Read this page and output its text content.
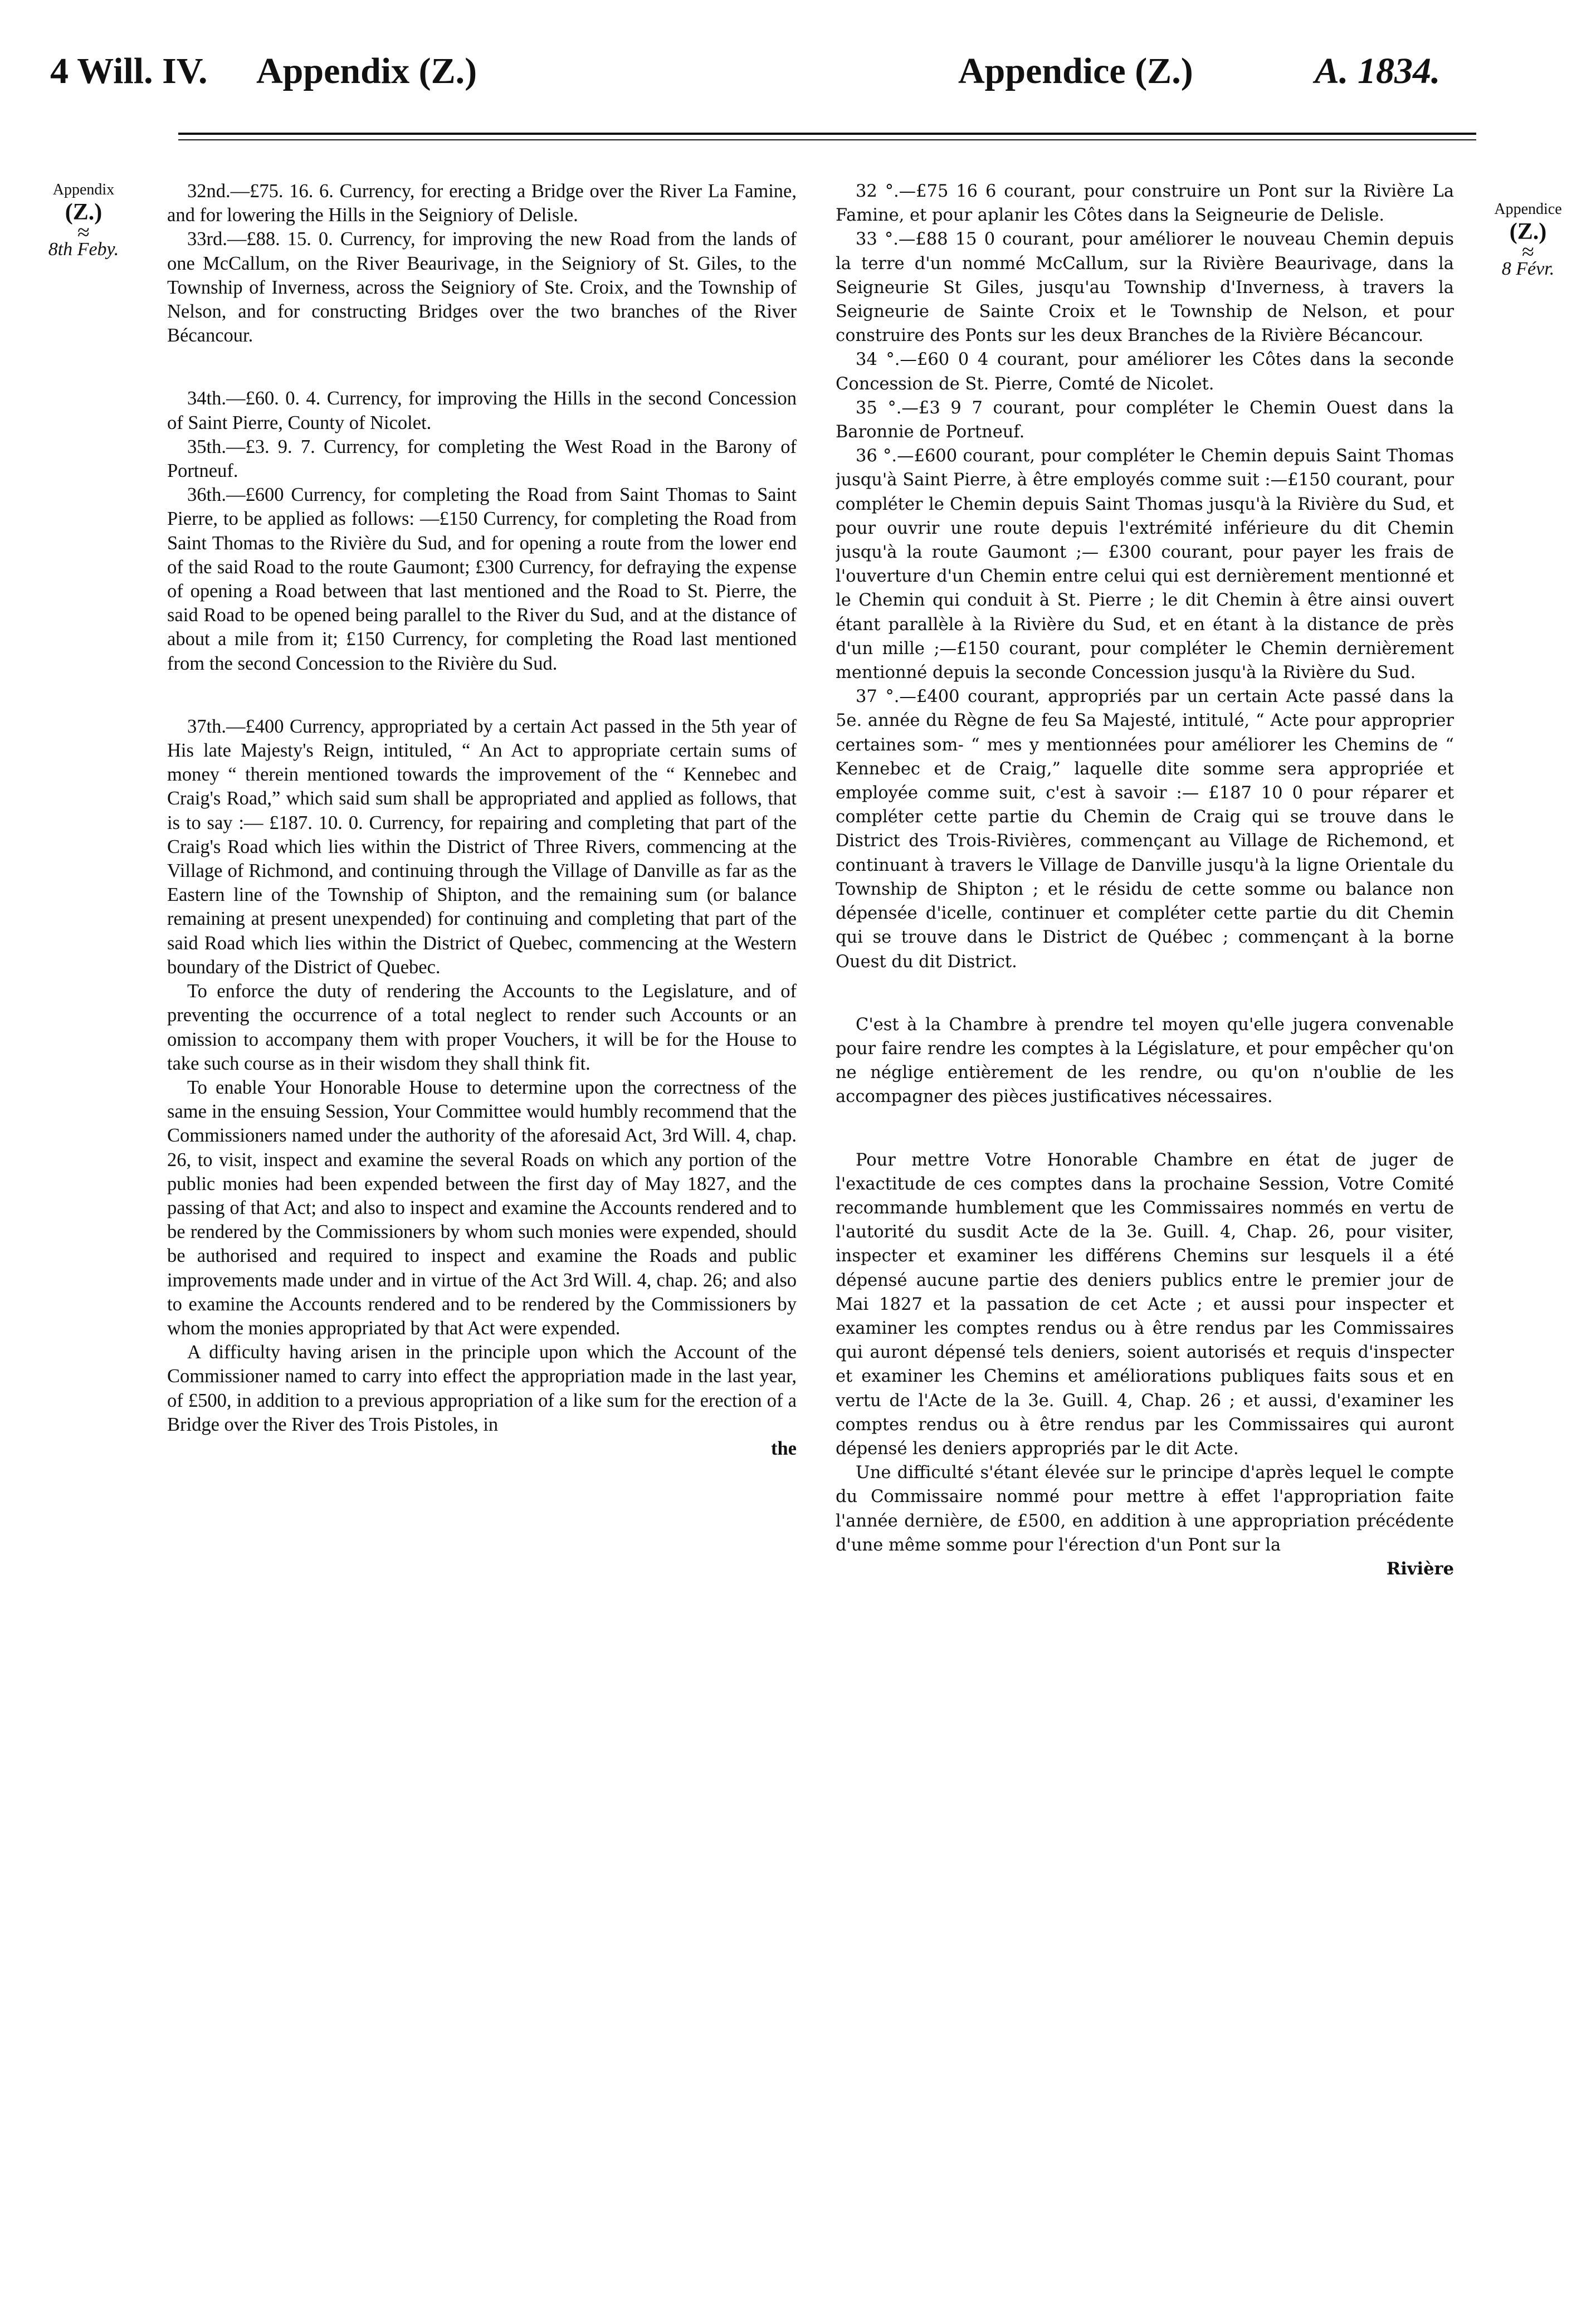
4 Will. IV. Appendix (Z.)	Appendice (Z.)	A. 1834.
Appendix
(Z.)
≈
8th Feby.
Appendice
(Z.)
≈
8 Févr.

32nd.—£75. 16. 6. Currency, for erecting a Bridge over the River La Famine, and for lowering the Hills in the Seigniory of Delisle.

33rd.—£88. 15. 0. Currency, for improving the new Road from the lands of one McCallum, on the River Beaurivage, in the Seigniory of St. Giles, to the Township of Inverness, across the Seigniory of Ste. Croix, and the Township of Nelson, and for constructing Bridges over the two branches of the River Bécancour.

34th.—£60. 0. 4. Currency, for improving the Hills in the second Concession of Saint Pierre, County of Nicolet.

35th.—£3. 9. 7. Currency, for completing the West Road in the Barony of Portneuf.

36th.—£600 Currency, for completing the Road from Saint Thomas to Saint Pierre, to be applied as follows: —£150 Currency, for completing the Road from Saint Thomas to the Rivière du Sud, and for opening a route from the lower end of the said Road to the route Gaumont; £300 Currency, for defraying the expense of opening a Road between that last mentioned and the Road to St. Pierre, the said Road to be opened being parallel to the River du Sud, and at the distance of about a mile from it; £150 Currency, for completing the Road last mentioned from the second Concession to the Rivière du Sud.

37th.—£400 Currency, appropriated by a certain Act passed in the 5th year of His late Majesty's Reign, intituled, “ An Act to appropriate certain sums of money “ therein mentioned towards the improvement of the “ Kennebec and Craig's Road,” which said sum shall be appropriated and applied as follows, that is to say :— £187. 10. 0. Currency, for repairing and completing that part of the Craig's Road which lies within the District of Three Rivers, commencing at the Village of Richmond, and continuing through the Village of Danville as far as the Eastern line of the Township of Shipton, and the remaining sum (or balance remaining at present unexpended) for continuing and completing that part of the said Road which lies within the District of Quebec, commencing at the Western boundary of the District of Quebec.

To enforce the duty of rendering the Accounts to the Legislature, and of preventing the occurrence of a total neglect to render such Accounts or an omission to accompany them with proper Vouchers, it will be for the House to take such course as in their wisdom they shall think fit.

To enable Your Honorable House to determine upon the correctness of the same in the ensuing Session, Your Committee would humbly recommend that the Commissioners named under the authority of the aforesaid Act, 3rd Will. 4, chap. 26, to visit, inspect and examine the several Roads on which any portion of the public monies had been expended between the first day of May 1827, and the passing of that Act; and also to inspect and examine the Accounts rendered and to be rendered by the Commissioners by whom such monies were expended, should be authorised and required to inspect and examine the Roads and public improvements made under and in virtue of the Act 3rd Will. 4, chap. 26; and also to examine the Accounts rendered and to be rendered by the Commissioners by whom the monies appropriated by that Act were expended.

A difficulty having arisen in the principle upon which the Account of the Commissioner named to carry into effect the appropriation made in the last year, of £500, in addition to a previous appropriation of a like sum for the erection of a Bridge over the River des Trois Pistoles, in

the

32 °.—£75 16 6 courant, pour construire un Pont sur la Rivière La Famine, et pour aplanir les Côtes dans la Seigneurie de Delisle.

33 °.—£88 15 0 courant, pour améliorer le nouveau Chemin depuis la terre d'un nommé McCallum, sur la Rivière Beaurivage, dans la Seigneurie St Giles, jusqu'au Township d'Inverness, à travers la Seigneurie de Sainte Croix et le Township de Nelson, et pour construire des Ponts sur les deux Branches de la Rivière Bécancour.

34 °.—£60 0 4 courant, pour améliorer les Côtes dans la seconde Concession de St. Pierre, Comté de Nicolet.

35 °.—£3 9 7 courant, pour compléter le Chemin Ouest dans la Baronnie de Portneuf.

36 °.—£600 courant, pour compléter le Chemin depuis Saint Thomas jusqu'à Saint Pierre, à être employés comme suit :—£150 courant, pour compléter le Chemin depuis Saint Thomas jusqu'à la Rivière du Sud, et pour ouvrir une route depuis l'extrémité inférieure du dit Chemin jusqu'à la route Gaumont ;— £300 courant, pour payer les frais de l'ouverture d'un Chemin entre celui qui est dernièrement mentionné et le Chemin qui conduit à St. Pierre ; le dit Chemin à être ainsi ouvert étant parallèle à la Rivière du Sud, et en étant à la distance de près d'un mille ;—£150 courant, pour compléter le Chemin dernièrement mentionné depuis la seconde Concession jusqu'à la Rivière du Sud.

37 °.—£400 courant, appropriés par un certain Acte passé dans la 5e. année du Règne de feu Sa Majesté, intitulé, “ Acte pour approprier certaines som- “ mes y mentionnées pour améliorer les Chemins de “ Kennebec et de Craig,” laquelle dite somme sera appropriée et employée comme suit, c'est à savoir :— £187 10 0 pour réparer et compléter cette partie du Chemin de Craig qui se trouve dans le District des Trois-Rivières, commençant au Village de Richemond, et continuant à travers le Village de Danville jusqu'à la ligne Orientale du Township de Shipton ; et le résidu de cette somme ou balance non dépensée d'icelle, continuer et compléter cette partie du dit Chemin qui se trouve dans le District de Québec ; commençant à la borne Ouest du dit District.

C'est à la Chambre à prendre tel moyen qu'elle jugera convenable pour faire rendre les comptes à la Législature, et pour empêcher qu'on ne néglige entièrement de les rendre, ou qu'on n'oublie de les accompagner des pièces justificatives nécessaires.

Pour mettre Votre Honorable Chambre en état de juger de l'exactitude de ces comptes dans la prochaine Session, Votre Comité recommande humblement que les Commissaires nommés en vertu de l'autorité du susdit Acte de la 3e. Guill. 4, Chap. 26, pour visiter, inspecter et examiner les différens Chemins sur lesquels il a été dépensé aucune partie des deniers publics entre le premier jour de Mai 1827 et la passation de cet Acte ; et aussi pour inspecter et examiner les comptes rendus ou à être rendus par les Commissaires qui auront dépensé tels deniers, soient autorisés et requis d'inspecter et examiner les Chemins et améliorations publiques faits sous et en vertu de l'Acte de la 3e. Guill. 4, Chap. 26 ; et aussi, d'examiner les comptes rendus ou à être rendus par les Commissaires qui auront dépensé les deniers appropriés par le dit Acte.

Une difficulté s'étant élevée sur le principe d'après lequel le compte du Commissaire nommé pour mettre à effet l'appropriation faite l'année dernière, de £500, en addition à une appropriation précédente d'une même somme pour l'érection d'un Pont sur la

Rivière
